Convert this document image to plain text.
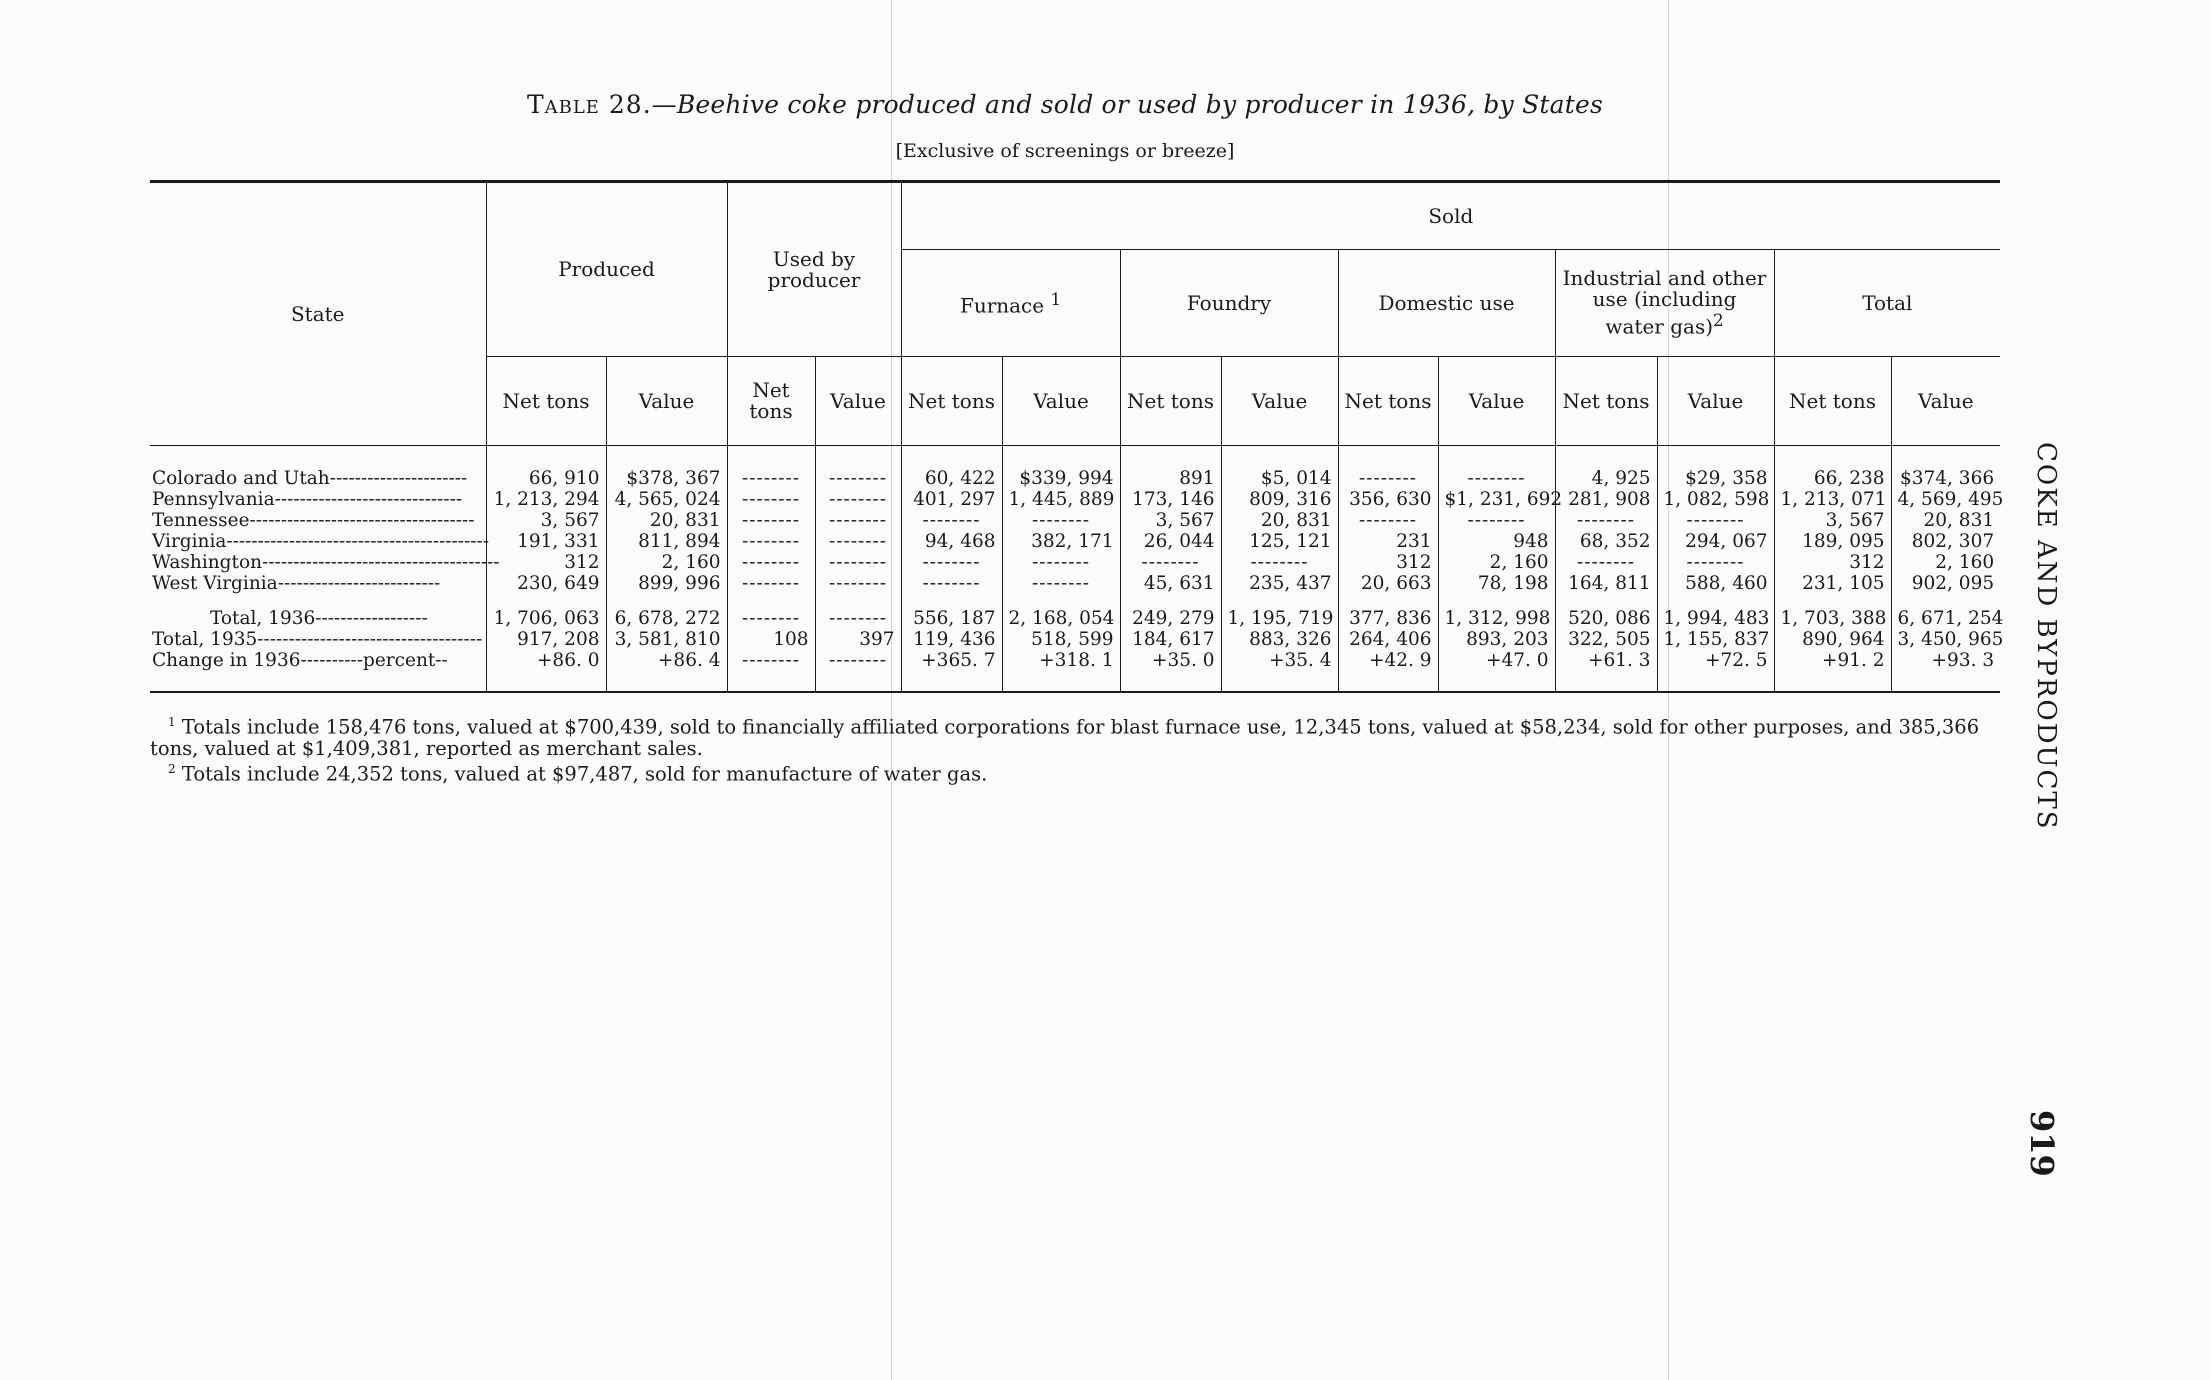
Table 28.—Beehive coke produced and sold or used by producer in 1936, by States
[Exclusive of screenings or breeze]
State	Produced		Used by producer		Sold									
					Furnace $^1$		Foundry		Domestic use		Industrial and other use (including water gas)$^2$		Total	
	Net tons	Value	Net tons	Value	Net tons	Value	Net tons	Value	Net tons	Value	Net tons	Value	Net tons	Value
Colorado and Utah----------------------	66, 910	$378, 367	--------	--------	60, 422	$339, 994	891	$5, 014	--------	--------	4, 925	$29, 358	66, 238	$374, 366
Pennsylvania------------------------------	1, 213, 294	4, 565, 024	--------	--------	401, 297	1, 445, 889	173, 146	809, 316	356, 630	$1, 231, 692	281, 908	1, 082, 598	1, 213, 071	4, 569, 495
Tennessee------------------------------------	3, 567	20, 831	--------	--------	--------	--------	3, 567	20, 831	--------	--------	--------	--------	3, 567	20, 831
Virginia------------------------------------------	191, 331	811, 894	--------	--------	94, 468	382, 171	26, 044	125, 121	231	948	68, 352	294, 067	189, 095	802, 307
Washington--------------------------------------	312	2, 160	--------	--------	--------	--------	--------	--------	312	2, 160	--------	--------	312	2, 160
West Virginia--------------------------	230, 649	899, 996	--------	--------	--------	--------	45, 631	235, 437	20, 663	78, 198	164, 811	588, 460	231, 105	902, 095
Total, 1936------------------	1, 706, 063	6, 678, 272	--------	--------	556, 187	2, 168, 054	249, 279	1, 195, 719	377, 836	1, 312, 998	520, 086	1, 994, 483	1, 703, 388	6, 671, 254
Total, 1935------------------------------------	917, 208	3, 581, 810	108	397	119, 436	518, 599	184, 617	883, 326	264, 406	893, 203	322, 505	1, 155, 837	890, 964	3, 450, 965
Change in 1936----------percent--	+86. 0	+86. 4	--------	--------	+365. 7	+318. 1	+35. 0	+35. 4	+42. 9	+47. 0	+61. 3	+72. 5	+91. 2	+93. 3

$^1$ Totals include 158,476 tons, valued at $700,439, sold to financially affiliated corporations for blast furnace use, 12,345 tons, valued at $58,234, sold for other purposes, and 385,366 tons, valued at $1,409,381, reported as merchant sales.

$^2$ Totals include 24,352 tons, valued at $97,487, sold for manufacture of water gas.	COKE AND BYPRODUCTS
919
